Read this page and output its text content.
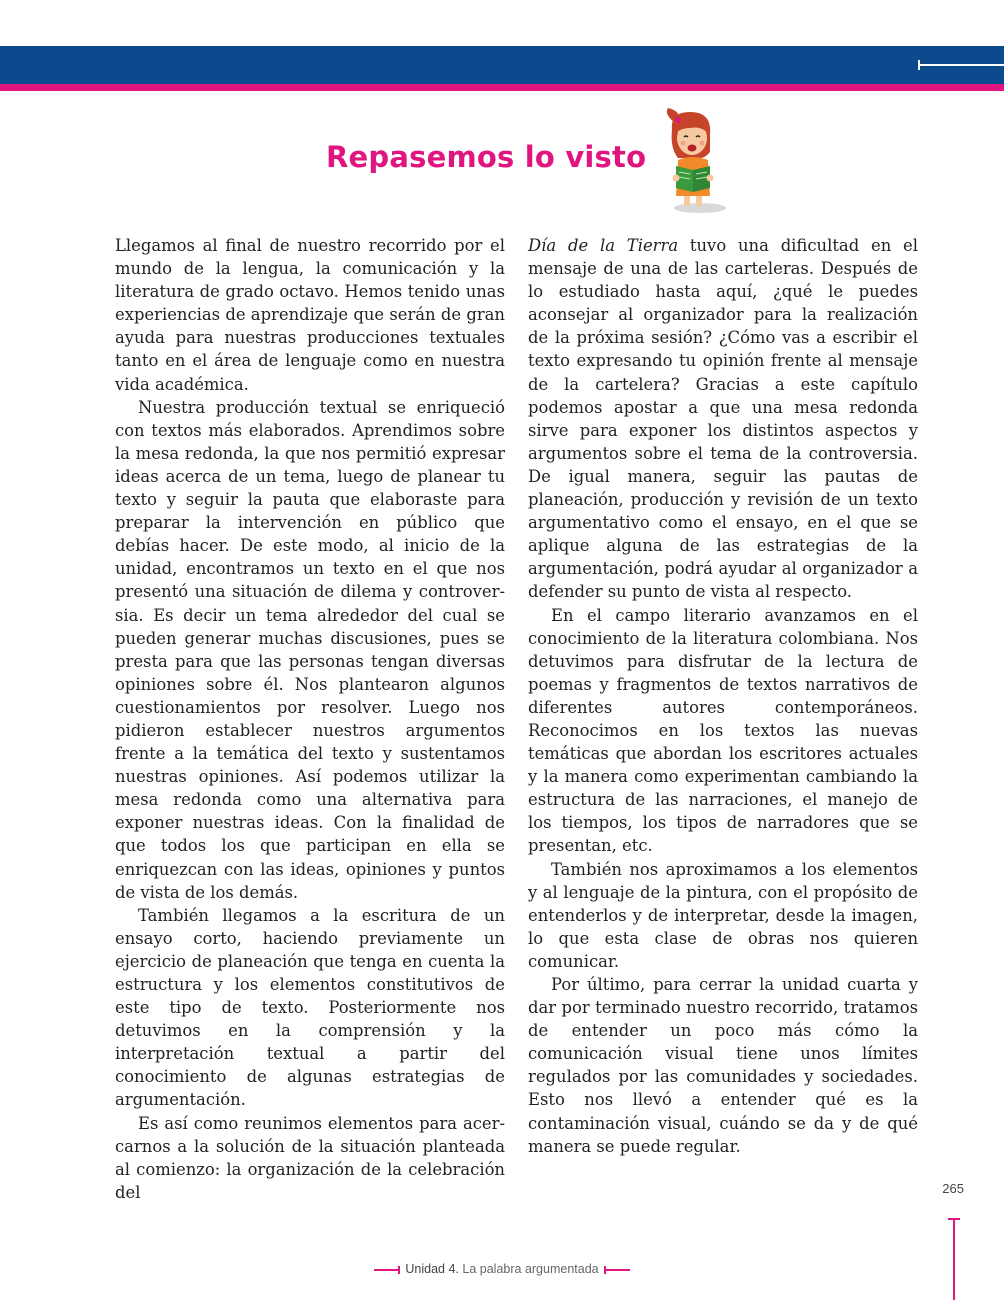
Repasemos lo visto

Llegamos al final de nuestro recorrido por el mundo de la lengua, la comunicación y la literatura de grado octavo. Hemos tenido unas experiencias de aprendizaje que serán de gran ayuda para nuestras producciones textuales tanto en el área de lenguaje como en nuestra vida académica.

Nuestra producción textual se enriqueció con textos más elaborados. Aprendimos sobre la mesa redonda, la que nos permitió expresar ideas acerca de un tema, luego de planear tu texto y seguir la pauta que elaboraste para preparar la intervención en público que debías hacer. De este modo, al inicio de la unidad, encontramos un texto en el que nos presentó una situación de dilema y controversia. Es decir un tema alrededor del cual se pueden generar muchas discusiones, pues se presta para que las personas tengan diversas opiniones sobre él. Nos plantearon algunos cuestionamientos por resolver. Luego nos pidieron establecer nuestros argumentos frente a la temática del texto y sustentamos nuestras opiniones. Así podemos utilizar la mesa redonda como una alternativa para exponer nuestras ideas. Con la finalidad de que todos los que participan en ella se enriquezcan con las ideas, opiniones y puntos de vista de los demás.

También llegamos a la escritura de un ensayo corto, haciendo previamente un ejercicio de planeación que tenga en cuenta la estructura y los elementos constitutivos de este tipo de texto. Posteriormente nos detuvimos en la comprensión y la interpretación textual a partir del conocimiento de algunas estrategias de argumentación.

Es así como reunimos elementos para acercarnos a la solución de la situación planteada al comienzo: la organización de la celebración del

Día de la Tierra tuvo una dificultad en el mensaje de una de las carteleras. Después de lo estudiado hasta aquí, ¿qué le puedes aconsejar al organizador para la realización de la próxima sesión? ¿Cómo vas a escribir el texto expresando tu opinión frente al mensaje de la cartelera? Gracias a este capítulo podemos apostar a que una mesa redonda sirve para exponer los distintos aspectos y argumentos sobre el tema de la controversia. De igual manera, seguir las pautas de planeación, producción y revisión de un texto argumentativo como el ensayo, en el que se aplique alguna de las estrategias de la argumentación, podrá ayudar al organizador a defender su punto de vista al respecto.

En el campo literario avanzamos en el conocimiento de la literatura colombiana. Nos detuvimos para disfrutar de la lectura de poemas y fragmentos de textos narrativos de diferentes autores contemporáneos. Reconocimos en los textos las nuevas temáticas que abordan los escritores actuales y la manera como experimentan cambiando la estructura de las narraciones, el manejo de los tiempos, los tipos de narradores que se presentan, etc.

También nos aproximamos a los elementos y al lenguaje de la pintura, con el propósito de entenderlos y de interpretar, desde la imagen, lo que esta clase de obras nos quieren comunicar.

Por último, para cerrar la unidad cuarta y dar por terminado nuestro recorrido, tratamos de entender un poco más cómo la comunicación visual tiene unos límites regulados por las comunidades y sociedades. Esto nos llevó a entender qué es la contaminación visual, cuándo se da y de qué manera se puede regular.

265
Unidad 4. La palabra argumentada
